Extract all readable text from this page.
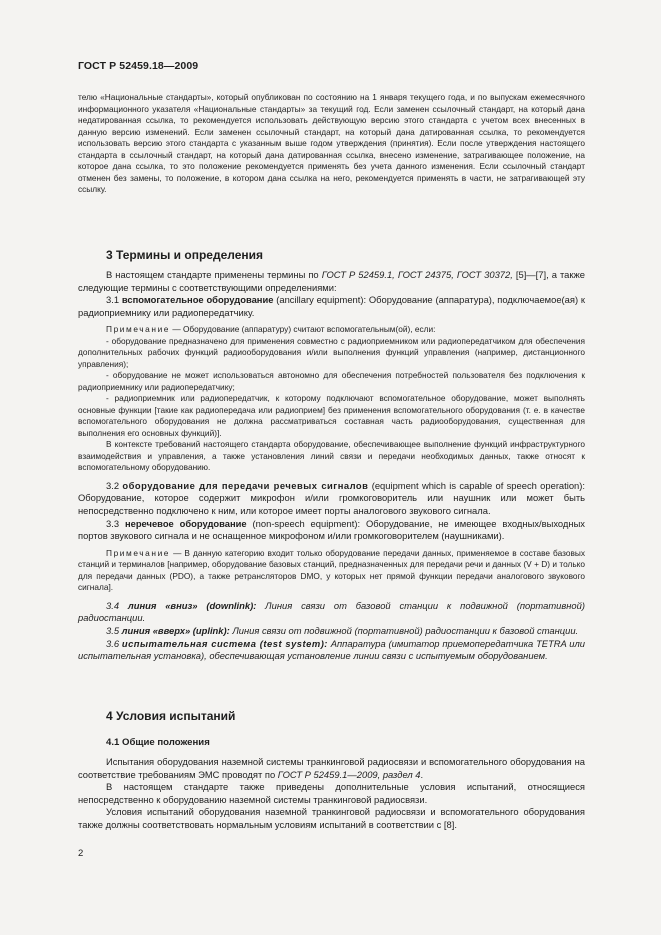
ГОСТ Р 52459.18—2009

телю «Национальные стандарты», который опубликован по состоянию на 1 января текущего года, и по выпускам ежемесячного информационного указателя «Национальные стандарты» за текущий год. Если заменен ссылочный стандарт, на который дана недатированная ссылка, то рекомендуется использовать действующую версию этого стандарта с учетом всех внесенных в данную версию изменений. Если заменен ссылочный стандарт, на который дана датированная ссылка, то рекомендуется использовать версию этого стандарта с указанным выше годом утверждения (принятия). Если после утверждения настоящего стандарта в ссылочный стандарт, на который дана датированная ссылка, внесено изменение, затрагивающее положение, на которое дана ссылка, то это положение рекомендуется применять без учета данного изменения. Если ссылочный стандарт отменен без замены, то положение, в котором дана ссылка на него, рекомендуется применять в части, не затрагивающей эту ссылку.

3 Термины и определения

В настоящем стандарте применены термины по ГОСТ Р 52459.1, ГОСТ 24375, ГОСТ 30372, [5]—[7], а также следующие термины с соответствующими определениями:

3.1 вспомогательное оборудование (ancillary equipment): Оборудование (аппаратура), подключаемое(ая) к радиоприемнику или радиопередатчику.

Примечание — Оборудование (аппаратуру) считают вспомогательным(ой), если:

- оборудование предназначено для применения совместно с радиоприемником или радиопередатчиком для обеспечения дополнительных рабочих функций радиооборудования и/или выполнения функций управления (например, дистанционного управления);

- оборудование не может использоваться автономно для обеспечения потребностей пользователя без подключения к радиоприемнику или радиопередатчику;

- радиоприемник или радиопередатчик, к которому подключают вспомогательное оборудование, может выполнять основные функции [такие как радиопередача или радиоприем] без применения вспомогательного оборудования (т. е. в качестве вспомогательного оборудования не должна рассматриваться составная часть радиооборудования, существенная для выполнения его основных функций)].

В контексте требований настоящего стандарта оборудование, обеспечивающее выполнение функций инфраструктурного взаимодействия и управления, а также установления линий связи и передачи необходимых данных, также относят к вспомогательному оборудованию.

3.2 оборудование для передачи речевых сигналов (equipment which is capable of speech operation): Оборудование, которое содержит микрофон и/или громкоговоритель или наушник или может быть непосредственно подключено к ним, или которое имеет порты аналогового звукового сигнала.

3.3 неречевое оборудование (non-speech equipment): Оборудование, не имеющее входных/выходных портов звукового сигнала и не оснащенное микрофоном и/или громкоговорителем (наушниками).

Примечание — В данную категорию входит только оборудование передачи данных, применяемое в составе базовых станций и терминалов [например, оборудование базовых станций, предназначенных для передачи речи и данных (V + D) и только для передачи данных (PDO), а также ретрансляторов DMO, у которых нет прямой функции передачи аналогового звукового сигнала].

3.4 линия «вниз» (downlink): Линия связи от базовой станции к подвижной (портативной) радиостанции.

3.5 линия «вверх» (uplink): Линия связи от подвижной (портативной) радиостанции к базовой станции.

3.6 испытательная система (test system): Аппаратура (имитатор приемопередатчика TETRA или испытательная установка), обеспечивающая установление линии связи с испытуемым оборудованием.

4 Условия испытаний
4.1 Общие положения

Испытания оборудования наземной системы транкинговой радиосвязи и вспомогательного оборудования на соответствие требованиям ЭМС проводят по ГОСТ Р 52459.1—2009, раздел 4.

В настоящем стандарте также приведены дополнительные условия испытаний, относящиеся непосредственно к оборудованию наземной системы транкинговой радиосвязи.

Условия испытаний оборудования наземной транкинговой радиосвязи и вспомогательного оборудования также должны соответствовать нормальным условиям испытаний в соответствии с [8].

2
